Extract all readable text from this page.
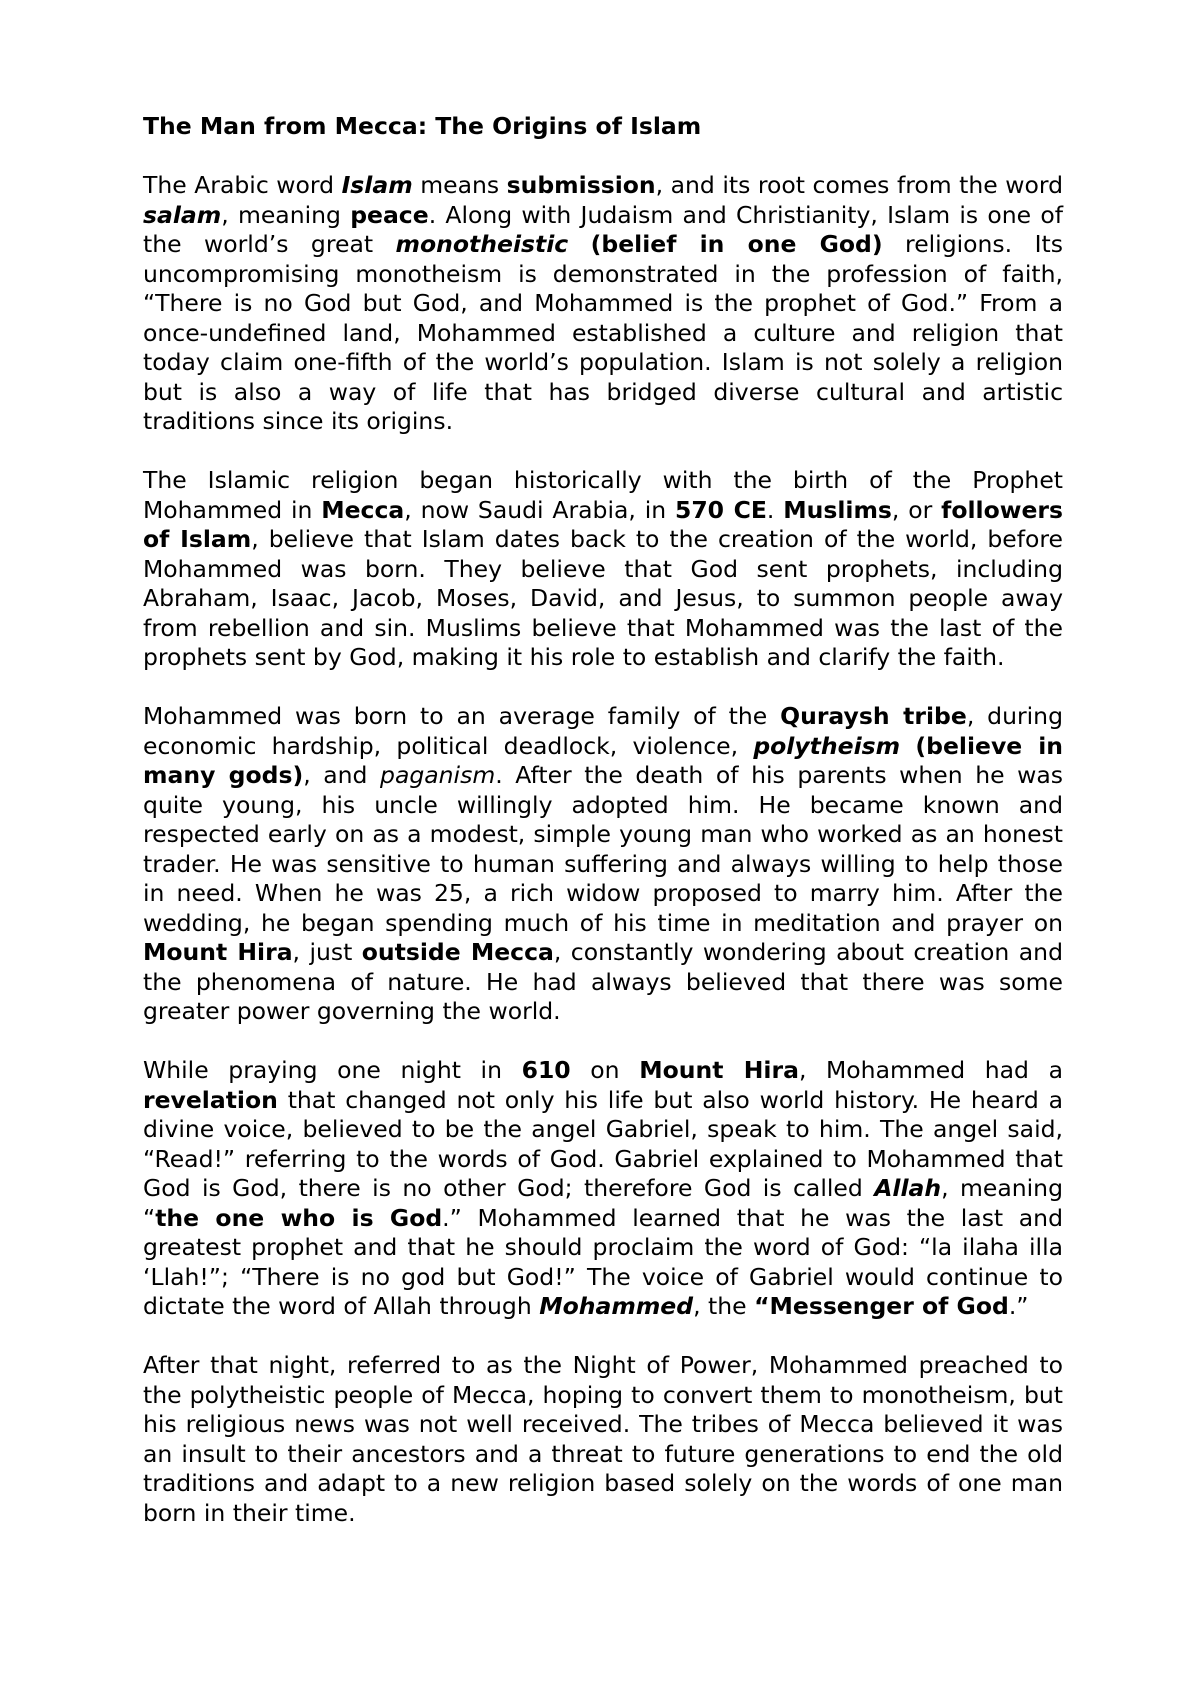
The Man from Mecca: The Origins of Islam

The Arabic word Islam means submission, and its root comes from the word salam, meaning peace. Along with Judaism and Christianity, Islam is one of the world’s great monotheistic (belief in one God) religions. Its uncompromising monotheism is demonstrated in the profession of faith, “There is no God but God, and Mohammed is the prophet of God.” From a once-undefined land, Mohammed established a culture and religion that today claim one-fifth of the world’s population. Islam is not solely a religion but is also a way of life that has bridged diverse cultural and artistic traditions since its origins.

The Islamic religion began historically with the birth of the Prophet Mohammed in Mecca, now Saudi Arabia, in 570 CE. Muslims, or followers of Islam, believe that Islam dates back to the creation of the world, before Mohammed was born. They believe that God sent prophets, including Abraham, Isaac, Jacob, Moses, David, and Jesus, to summon people away from rebellion and sin. Muslims believe that Mohammed was the last of the prophets sent by God, making it his role to establish and clarify the faith.

Mohammed was born to an average family of the Quraysh tribe, during economic hardship, political deadlock, violence, polytheism (believe in many gods), and paganism. After the death of his parents when he was quite young, his uncle willingly adopted him. He became known and respected early on as a modest, simple young man who worked as an honest trader. He was sensitive to human suffering and always willing to help those in need. When he was 25, a rich widow proposed to marry him. After the wedding, he began spending much of his time in meditation and prayer on Mount Hira, just outside Mecca, constantly wondering about creation and the phenomena of nature. He had always believed that there was some greater power governing the world.

While praying one night in 610 on Mount Hira, Mohammed had a revelation that changed not only his life but also world history. He heard a divine voice, believed to be the angel Gabriel, speak to him. The angel said, “Read!” referring to the words of God. Gabriel explained to Mohammed that God is God, there is no other God; therefore God is called Allah, meaning “the one who is God.” Mohammed learned that he was the last and greatest prophet and that he should proclaim the word of God: “la ilaha illa ‘Llah!”; “There is no god but God!” The voice of Gabriel would continue to dictate the word of Allah through Mohammed, the “Messenger of God.”

After that night, referred to as the Night of Power, Mohammed preached to the polytheistic people of Mecca, hoping to convert them to monotheism, but his religious news was not well received. The tribes of Mecca believed it was an insult to their ancestors and a threat to future generations to end the old traditions and adapt to a new religion based solely on the words of one man born in their time.
